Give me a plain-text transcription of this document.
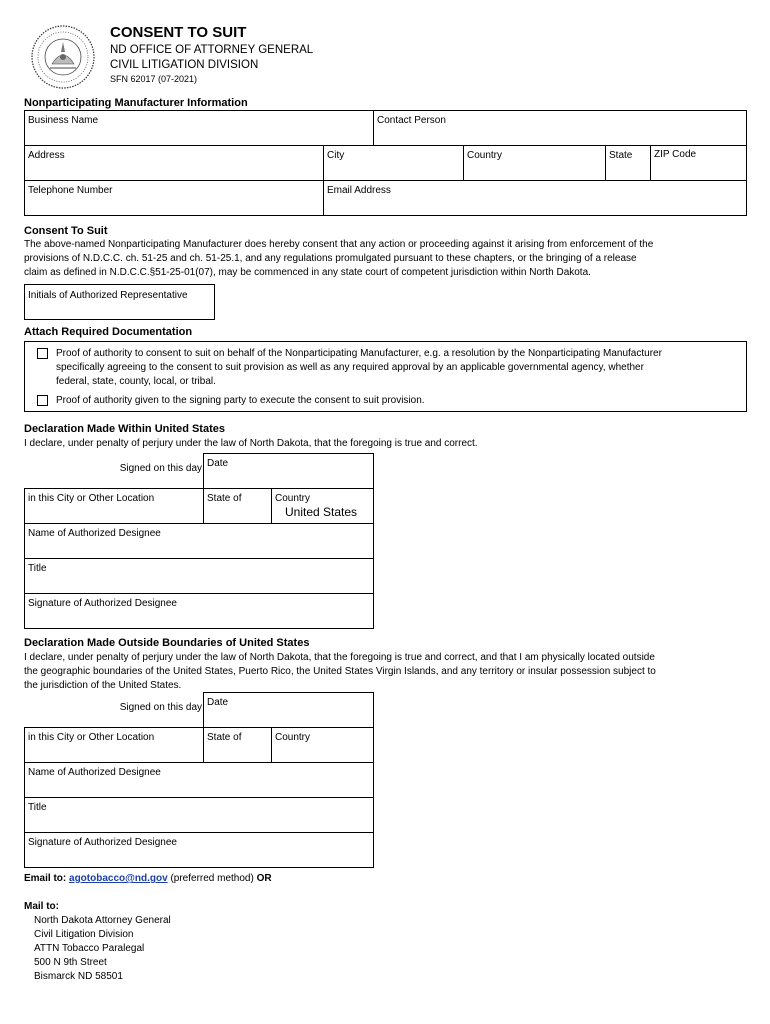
CONSENT TO SUIT
ND OFFICE OF ATTORNEY GENERAL
CIVIL LITIGATION DIVISION
SFN 62017 (07-2021)
Nonparticipating Manufacturer Information
Business Name	Contact Person
Address	City	Country	State ZIP Code
Telephone Number	Email Address
Consent To Suit
The above-named Nonparticipating Manufacturer does hereby consent that any action or proceeding against it arising from enforcement of the
provisions of N.D.C.C. ch. 51-25 and ch. 51-25.1, and any regulations promulgated pursuant to these chapters, or the bringing of a release
claim as defined in N.D.C.C.§51-25-01(07), may be commenced in any state court of competent jurisdiction within North Dakota.
Initials of Authorized Representative
Attach Required Documentation
Proof of authority to consent to suit on behalf of the Nonparticipating Manufacturer, e.g. a resolution by the Nonparticipating Manufacturer
specifically agreeing to the consent to suit provision as well as any required approval by an applicable governmental agency, whether
federal, state, county, local, or tribal.
Proof of authority given to the signing party to execute the consent to suit provision.
Declaration Made Within United States
I declare, under penalty of perjury under the law of North Dakota, that the foregoing is true and correct.
Signed on this day Date
in this City or Other Location	State of	Country
United States
Name of Authorized Designee
Title
Signature of Authorized Designee
Declaration Made Outside Boundaries of United States
I declare, under penalty of perjury under the law of North Dakota, that the foregoing is true and correct, and that I am physically located outside
the geographic boundaries of the United States, Puerto Rico, the United States Virgin Islands, and any territory or insular possession subject to
the jurisdiction of the United States.
Signed on this day Date
in this City or Other Location	State of	Country
Name of Authorized Designee
Title
Signature of Authorized Designee
Email to: agotobacco@nd.gov (preferred method) OR
Mail to:
North Dakota Attorney General
Civil Litigation Division
ATTN Tobacco Paralegal
500 N 9th Street
Bismarck ND 58501
